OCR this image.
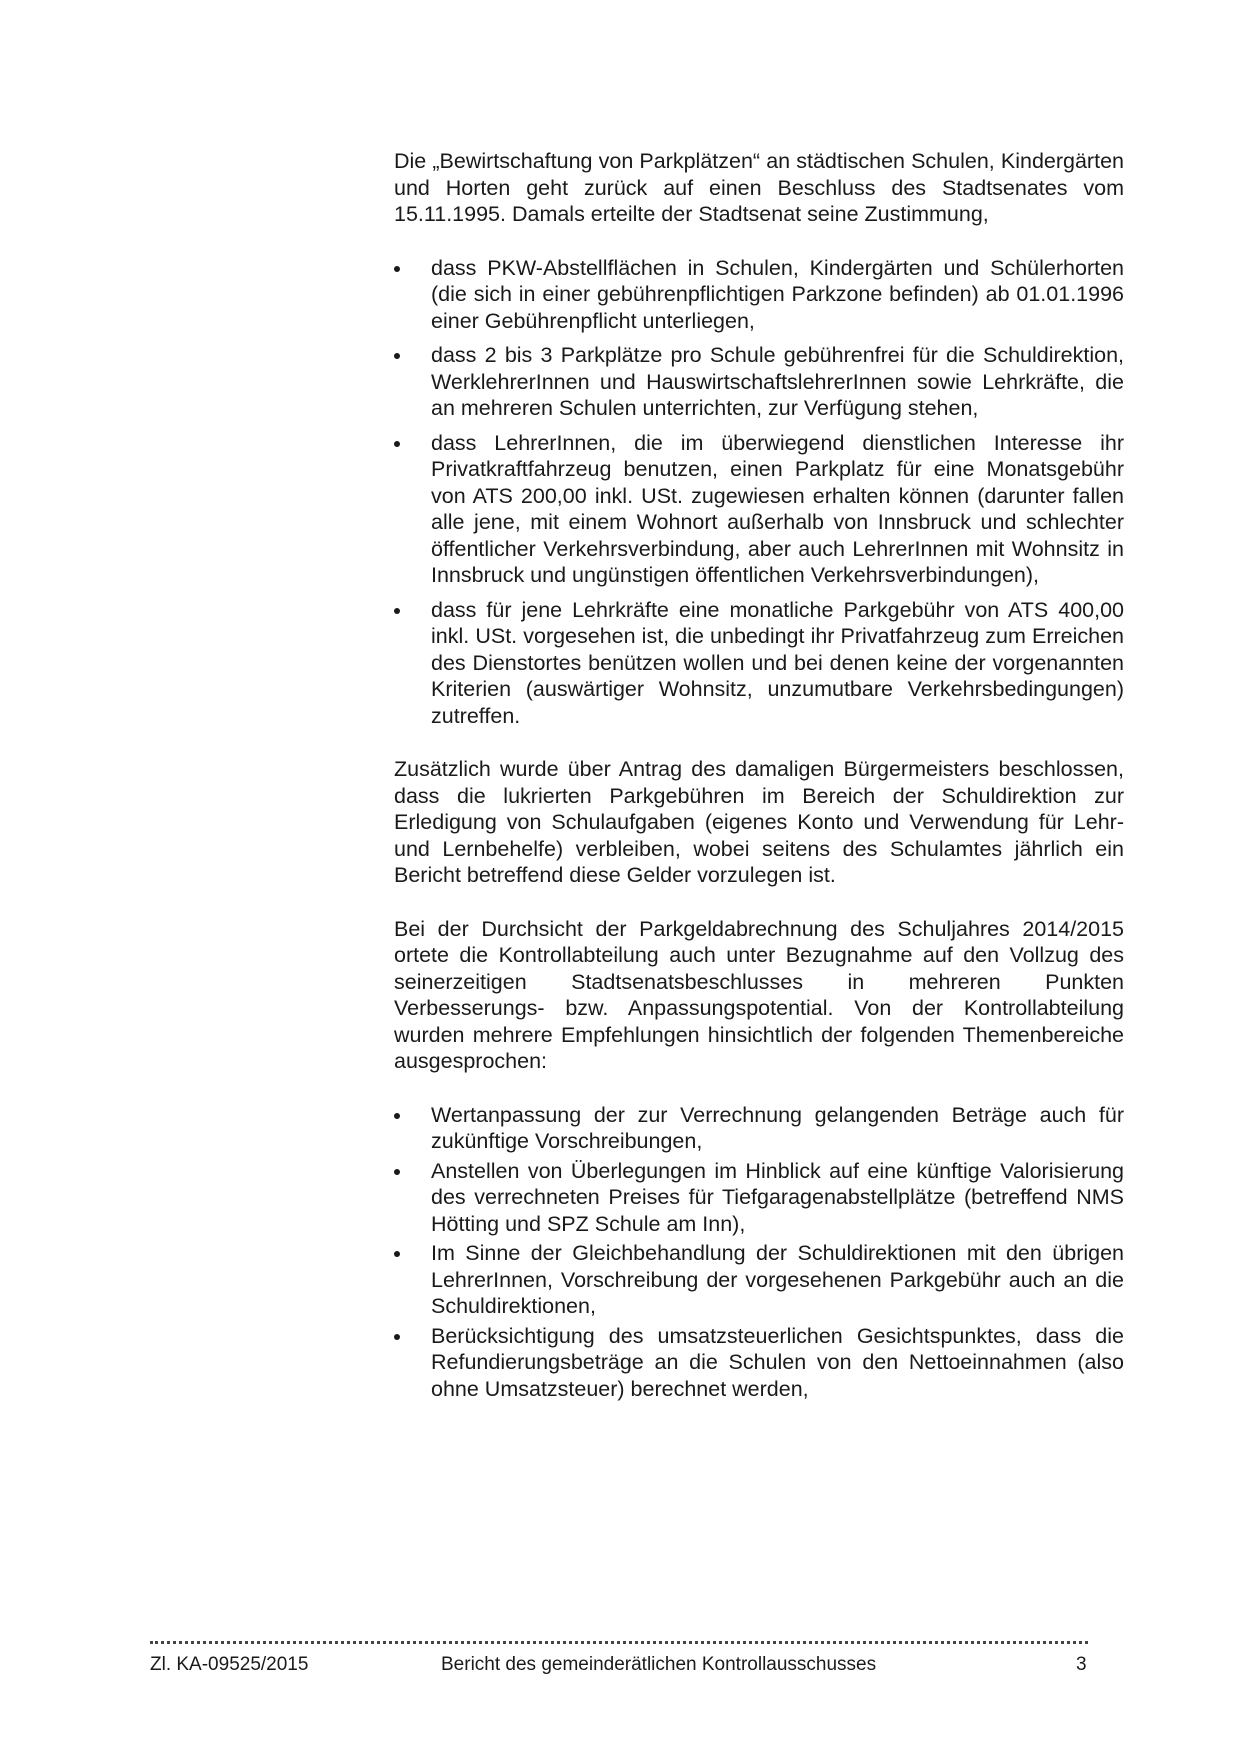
Die „Bewirtschaftung von Parkplätzen“ an städtischen Schulen, Kindergärten und Horten geht zurück auf einen Beschluss des Stadtsenates vom 15.11.1995. Damals erteilte der Stadtsenat seine Zustimmung,

dass PKW-Abstellflächen in Schulen, Kindergärten und Schülerhorten (die sich in einer gebührenpflichtigen Parkzone befinden) ab 01.01.1996 einer Gebührenpflicht unterliegen,
dass 2 bis 3 Parkplätze pro Schule gebührenfrei für die Schuldirektion, WerklehrerInnen und HauswirtschaftslehrerInnen sowie Lehrkräfte, die an mehreren Schulen unterrichten, zur Verfügung stehen,
dass LehrerInnen, die im überwiegend dienstlichen Interesse ihr Privatkraftfahrzeug benutzen, einen Parkplatz für eine Monatsgebühr von ATS 200,00 inkl. USt. zugewiesen erhalten können (darunter fallen alle jene, mit einem Wohnort außerhalb von Innsbruck und schlechter öffentlicher Verkehrsverbindung, aber auch LehrerInnen mit Wohnsitz in Innsbruck und ungünstigen öffentlichen Verkehrsverbindungen),
dass für jene Lehrkräfte eine monatliche Parkgebühr von ATS 400,00 inkl. USt. vorgesehen ist, die unbedingt ihr Privatfahrzeug zum Erreichen des Dienstortes benützen wollen und bei denen keine der vorgenannten Kriterien (auswärtiger Wohnsitz, unzumutbare Verkehrsbedingungen) zutreffen.

Zusätzlich wurde über Antrag des damaligen Bürgermeisters beschlossen, dass die lukrierten Parkgebühren im Bereich der Schuldirektion zur Erledigung von Schulaufgaben (eigenes Konto und Verwendung für Lehr- und Lernbehelfe) verbleiben, wobei seitens des Schulamtes jährlich ein Bericht betreffend diese Gelder vorzulegen ist.

Bei der Durchsicht der Parkgeldabrechnung des Schuljahres 2014/2015 ortete die Kontrollabteilung auch unter Bezugnahme auf den Vollzug des seinerzeitigen Stadtsenatsbeschlusses in mehreren Punkten Verbesserungs- bzw. Anpassungspotential. Von der Kontrollabteilung wurden mehrere Empfehlungen hinsichtlich der folgenden Themenbereiche ausgesprochen:

Wertanpassung der zur Verrechnung gelangenden Beträge auch für zukünftige Vorschreibungen,
Anstellen von Überlegungen im Hinblick auf eine künftige Valorisierung des verrechneten Preises für Tiefgaragenabstellplätze (betreffend NMS Hötting und SPZ Schule am Inn),
Im Sinne der Gleichbehandlung der Schuldirektionen mit den übrigen LehrerInnen, Vorschreibung der vorgesehenen Parkgebühr auch an die Schuldirektionen,
Berücksichtigung des umsatzsteuerlichen Gesichtspunktes, dass die Refundierungsbeträge an die Schulen von den Nettoeinnahmen (also ohne Umsatzsteuer) berechnet werden,
Zl. KA-09525/2015	Bericht des gemeinderätlichen Kontrollausschusses	3
